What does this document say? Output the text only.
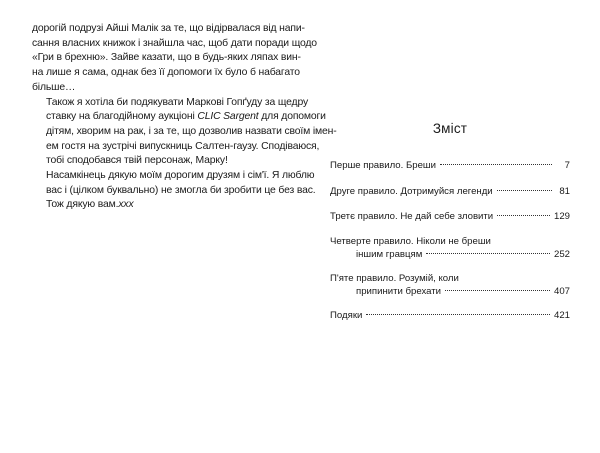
дорогій подрузі Айші Малік за те, що відірвалася від напи-
сання власних книжок і знайшла час, щоб дати поради щодо
«Гри в брехню». Зайве казати, що в будь-яких ляпах вин-
на лише я сама, однак без її допомоги їх було б набагато
більше…

Також я хотіла би подякувати Маркові Гопґуду за щедру
ставку на благодійному аукціоні CLIC Sargent для допомоги
дітям, хворим на рак, і за те, що дозволив назвати своїм імен-
ем гостя на зустрічі випускниць Салтен-гаузу. Сподіваюся,
тобі сподобався твій персонаж, Марку!

Насамкінець дякую моїм дорогим друзям і сім'ї. Я люблю
вас і (цілком буквально) не змогла би зробити це без вас.
Тож дякую вам.xxx

Зміст
Перше правило. Бреши	7
Друге правило. Дотримуйся легенди	81
Третє правило. Не дай себе зловити	129
Четверте правило. Ніколи не бреши
іншим гравцям	252
П'яте правило. Розумій, коли
припинити брехати	407
Подяки	421
